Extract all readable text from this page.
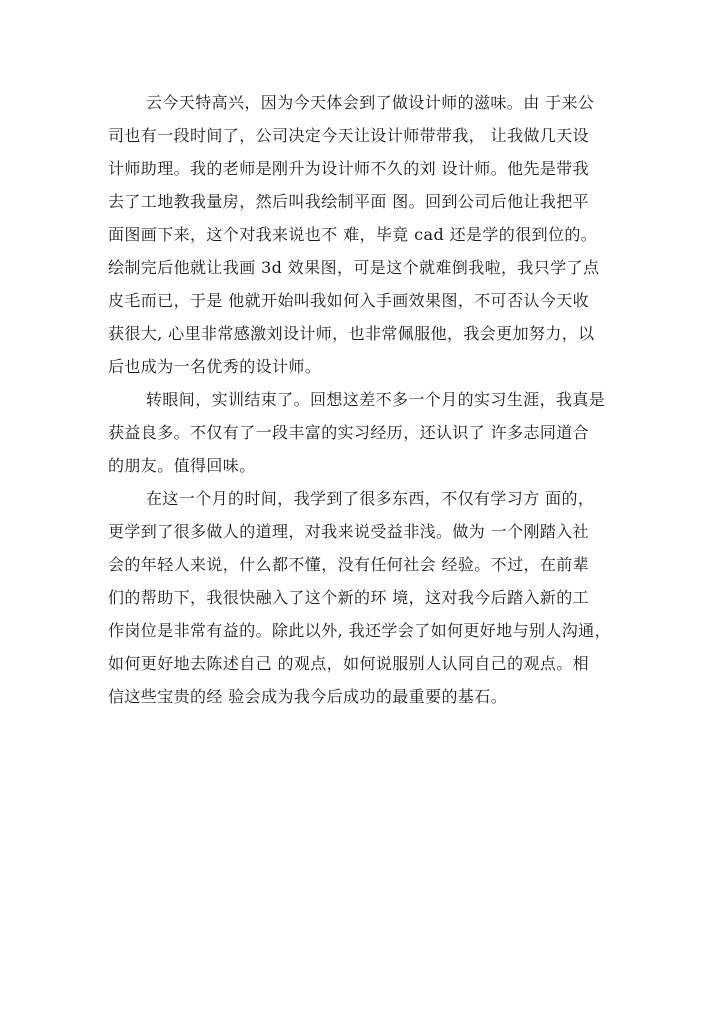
云今天特高兴，因为今天体会到了做设计师的滋味。由 于来公
司也有一段时间了，公司决定今天让设计师带带我， 让我做几天设
计师助理。我的老师是刚升为设计师不久的刘 设计师。他先是带我
去了工地教我量房，然后叫我绘制平面 图。回到公司后他让我把平
面图画下来，这个对我来说也不 难，毕竟 cad 还是学的很到位的。
绘制完后他就让我画 3d 效果图，可是这个就难倒我啦，我只学了点
皮毛而已，于是 他就开始叫我如何入手画效果图，不可否认今天收
获很大, 心里非常感激刘设计师，也非常佩服他，我会更加努力，以
后也成为一名优秀的设计师。
转眼间，实训结束了。回想这差不多一个月的实习生涯，我真是
获益良多。不仅有了一段丰富的实习经历，还认识了 许多志同道合
的朋友。值得回味。
在这一个月的时间，我学到了很多东西，不仅有学习方 面的，
更学到了很多做人的道理，对我来说受益非浅。做为 一个刚踏入社
会的年轻人来说，什么都不懂，没有任何社会 经验。不过，在前辈
们的帮助下，我很快融入了这个新的环 境，这对我今后踏入新的工
作岗位是非常有益的。除此以外, 我还学会了如何更好地与别人沟通，
如何更好地去陈述自己 的观点，如何说服别人认同自己的观点。相
信这些宝贵的经 验会成为我今后成功的最重要的基石。
